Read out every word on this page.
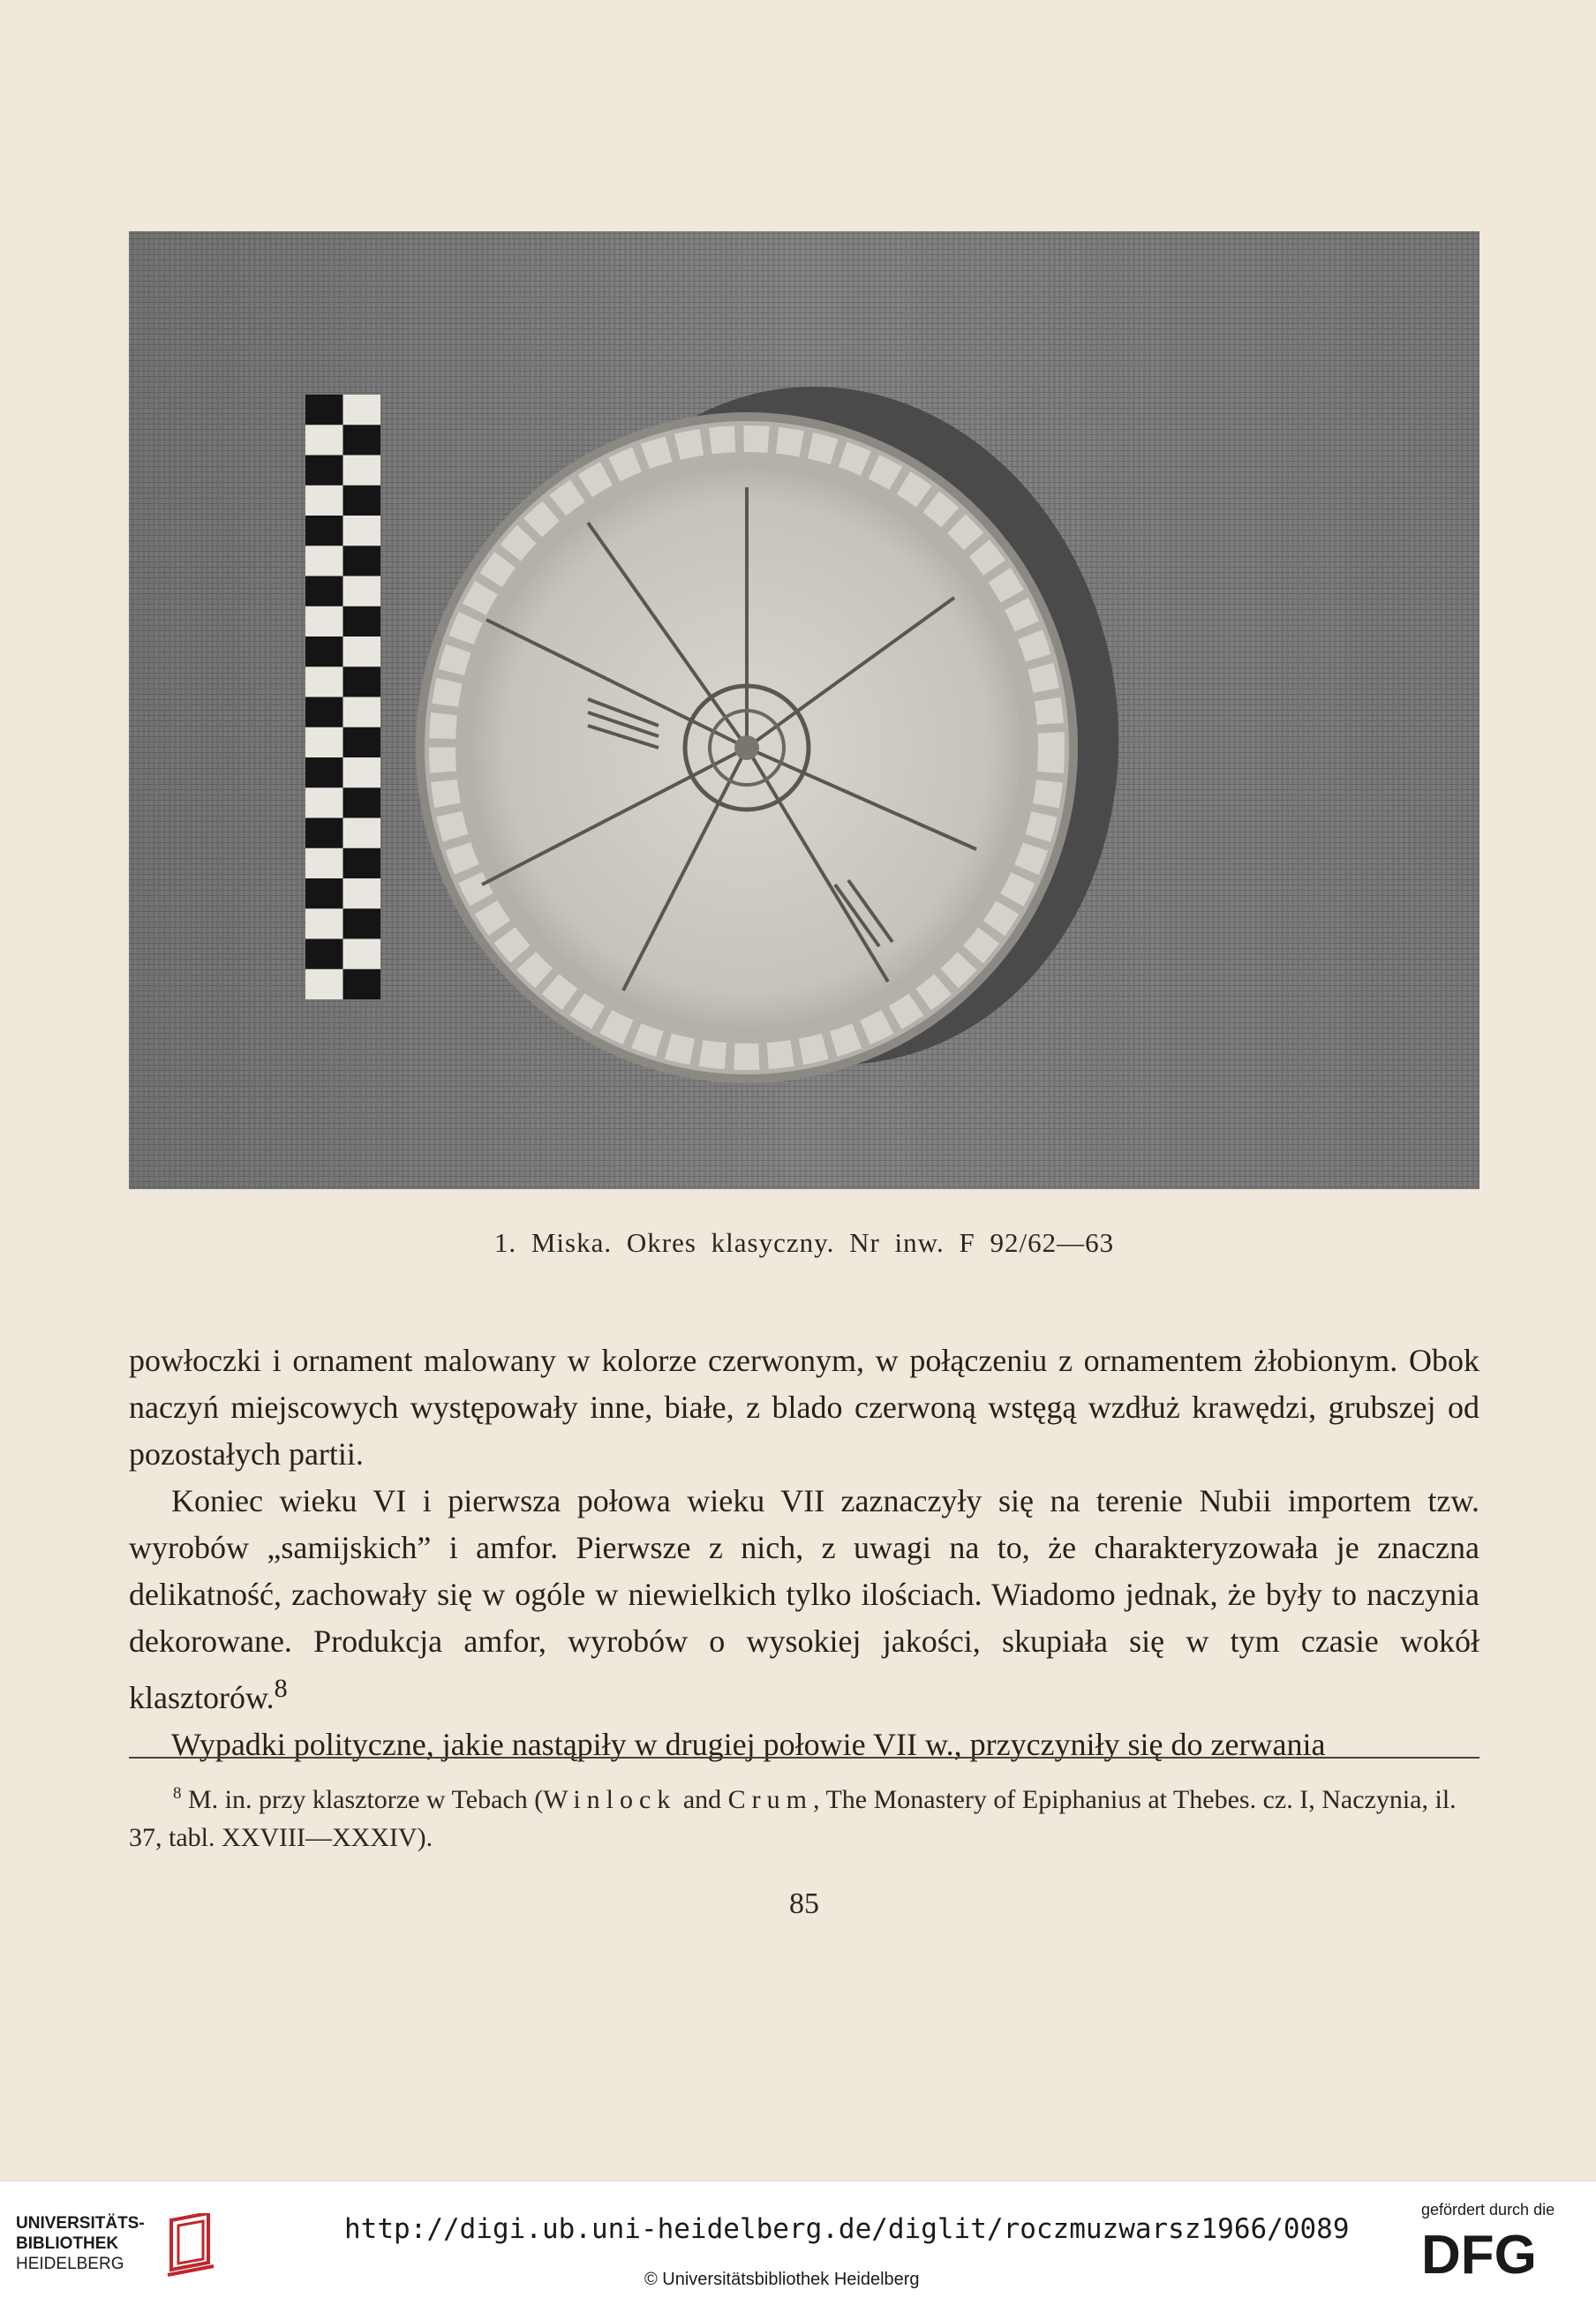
1. Miska. Okres klasyczny. Nr inw. F 92/62—63

powłoczki i ornament malowany w kolorze czerwonym, w połączeniu z ornamentem żłobionym. Obok naczyń miejscowych występowały inne, białe, z blado czerwoną wstęgą wzdłuż krawędzi, grubszej od pozostałych partii.

Koniec wieku VI i pierwsza połowa wieku VII zaznaczyły się na terenie Nubii importem tzw. wyrobów „samijskich” i amfor. Pierwsze z nich, z uwagi na to, że charakteryzowała je znaczna delikatność, zachowały się w ogóle w niewielkich tylko ilościach. Wiadomo jednak, że były to naczynia dekorowane. Produkcja amfor, wyrobów o wysokiej jakości, skupiała się w tym czasie wokół klasztorów.$^8$

Wypadki polityczne, jakie nastąpiły w drugiej połowie VII w., przyczyniły się do zerwania

$^8$ M. in. przy klasztorze w Tebach (Winlock and Crum, The Monastery of Epiphanius at Thebes. cz. I, Naczynia, il. 37, tabl. XXVIII—XXXIV).
85
UNIVERSITÄTS-
BIBLIOTHEK
HEIDELBERG
http://digi.ub.uni-heidelberg.de/diglit/roczmuzwarsz1966/0089
© Universitätsbibliothek Heidelberg
gefördert durch die
DFG
